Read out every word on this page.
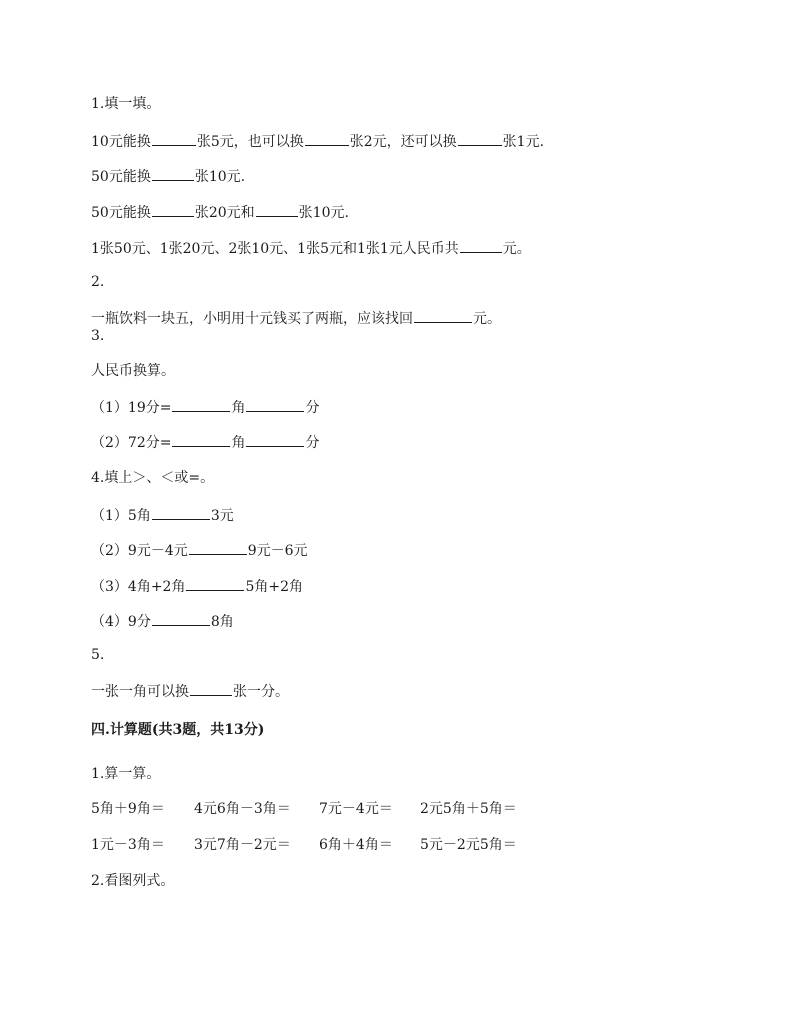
1.填一填。
10元能换	张5元，也可以换	张2元，还可以换	张1元.
50元能换	张10元.
50元能换	张20元和	张10元.
1张50元、1张20元、2张10元、1张5元和1张1元人民币共	元。
2.
一瓶饮料一块五，小明用十元钱买了两瓶，应该找回	元。
3.
人民币换算。
（1）19分=	角	分
（2）72分=	角	分
4.填上＞、＜或=。
（1）5角	3元
（2）9元－4元	9元－6元
（3）4角+2角	5角+2角
（4）9分	8角
5.
一张一角可以换	张一分。
四.计算题(共3题，共13分)
1.算一算。
5角＋9角＝ 4元6角－3角＝ 7元－4元＝ 2元5角＋5角＝
1元－3角＝ 3元7角－2元＝ 6角＋4角＝ 5元－2元5角＝
2.看图列式。
